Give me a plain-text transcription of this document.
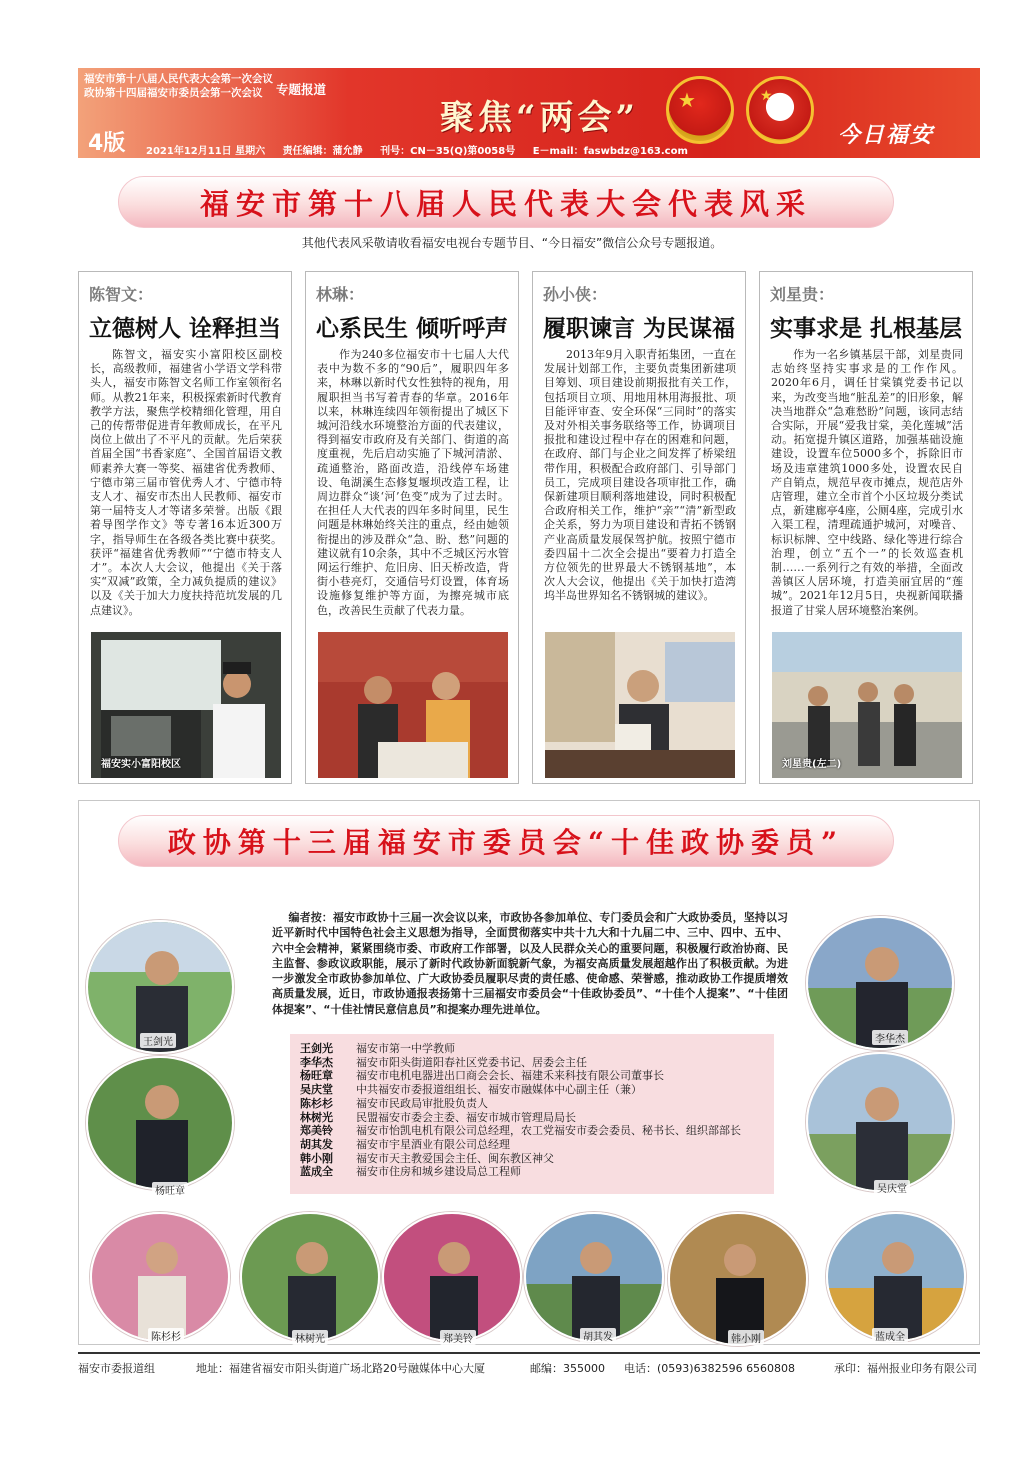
福安市第十八届人民代表大会第一次会议
政协第十四届福安市委员会第一次会议	专题报道
聚焦“两会” ★	★
4版 2021年12月11日 星期六 责任编辑：蒲允静 刊号：CN－35(Q)第0058号 E－mail：faswbdz@163.com
今日福安
福安市第十八届人民代表大会代表风采
其他代表风采敬请收看福安电视台专题节目、“今日福安”微信公众号专题报道。
陈智文：
立德树人 诠释担当

陈智文，福安实小富阳校区副校长，高级教师，福建省小学语文学科带头人，福安市陈智文名师工作室领衔名师。从教21年来，积极探索新时代教育教学方法，聚焦学校精细化管理，用自己的传帮带促进青年教师成长，在平凡岗位上做出了不平凡的贡献。先后荣获首届全国“书香家庭”、全国首届语文教师素养大赛一等奖、福建省优秀教师、宁德市第三届市管优秀人才、宁德市特支人才、福安市杰出人民教师、福安市第一届特支人才等诸多荣誉。出版《跟着导图学作文》等专著16本近300万字，指导师生在各级各类比赛中获奖。获评“福建省优秀教师”“宁德市特支人才”。本次人大会议，他提出《关于落实“双减”政策，全力减负提质的建议》以及《关于加大力度扶持范坑发展的几点建议》。

福安实小富阳校区
林琳：
心系民生 倾听呼声

作为240多位福安市十七届人大代表中为数不多的“90后”，履职四年多来，林琳以新时代女性独特的视角，用履职担当书写着青春的华章。2016年以来，林琳连续四年领衔提出了城区下城河沿线水环境整治方面的代表建议，得到福安市政府及有关部门、街道的高度重视，先后启动实施了下城河清淤、疏通整治，路面改造，沿线停车场建设、龟湖溪生态修复堰坝改造工程，让周边群众“谈‘河’色变”成为了过去时。在担任人大代表的四年多时间里，民生问题是林琳始终关注的重点，经由她领衔提出的涉及群众“急、盼、愁”问题的建议就有10余条，其中不乏城区污水管网运行维护、危旧房、旧天桥改造，背街小巷亮灯，交通信号灯设置，体育场设施修复维护等方面，为擦亮城市底色，改善民生贡献了代表力量。

孙小侠：
履职谏言 为民谋福

2013年9月入职青拓集团，一直在发展计划部工作，主要负责集团新建项目筹划、项目建设前期报批有关工作，包括项目立项、用地用林用海报批、项目能评审查、安全环保“三同时”的落实及对外相关事务联络等工作，协调项目报批和建设过程中存在的困难和问题，在政府、部门与企业之间发挥了桥梁纽带作用，积极配合政府部门、引导部门员工，完成项目建设各项审批工作，确保新建项目顺利落地建设，同时积极配合政府相关工作，维护“亲”“清”新型政企关系，努力为项目建设和青拓不锈钢产业高质量发展保驾护航。按照宁德市委四届十二次全会提出“要着力打造全方位领先的世界最大不锈钢基地”，本次人大会议，他提出《关于加快打造湾坞半岛世界知名不锈钢城的建议》。

刘星贵：
实事求是 扎根基层

作为一名乡镇基层干部，刘星贵同志始终坚持实事求是的工作作风。2020年6月，调任甘棠镇党委书记以来，为改变当地“脏乱差”的旧形象，解决当地群众“急难愁盼”问题，该同志结合实际，开展“爱我甘棠，美化莲城”活动。拓宽提升镇区道路，加强基础设施建设，设置车位5000多个，拆除旧市场及违章建筑1000多处，设置农民自产自销点，规范早夜市摊点，规范店外店管理，建立全市首个小区垃圾分类试点，新建廊亭4座，公厕4座，完成引水入渠工程，清理疏通护城河，对噪音、标识标牌、空中线路、绿化等进行综合治理，创立“五个一”的长效巡查机制……一系列行之有效的举措，全面改善镇区人居环境，打造美丽宜居的“莲城”。2021年12月5日，央视新闻联播报道了甘棠人居环境整治案例。

刘星贵(左二)
政协第十三届福安市委员会“十佳政协委员”
编者按：福安市政协十三届一次会议以来，市政协各参加单位、专门委员会和广大政协委员，坚持以习近平新时代中国特色社会主义思想为指导，全面贯彻落实中共十九大和十九届二中、三中、四中、五中、六中全会精神，紧紧围绕市委、市政府工作部署，以及人民群众关心的重要问题，积极履行政治协商、民主监督、参政议政职能，展示了新时代政协新面貌新气象，为福安高质量发展超越作出了积极贡献。为进一步激发全市政协参加单位、广大政协委员履职尽责的责任感、使命感、荣誉感，推动政协工作提质增效高质量发展，近日，市政协通报表扬第十三届福安市委员会“十佳政协委员”、“十佳个人提案”、“十佳团体提案”、“十佳社情民意信息员”和提案办理先进单位。
王剑光	福安市第一中学教师
李华杰	福安市阳头街道阳春社区党委书记、居委会主任
杨旺章	福安市电机电器进出口商会会长、福建禾来科技有限公司董事长
吴庆堂	中共福安市委报道组组长、福安市融媒体中心副主任（兼）
陈杉杉	福安市民政局审批股负责人
林树光	民盟福安市委会主委、福安市城市管理局局长
郑美铃	福安市怡凯电机有限公司总经理，农工党福安市委会委员、秘书长、组织部部长
胡其发	福安市宇星酒业有限公司总经理
韩小刚	福安市天主教爱国会主任、闽东教区神父
蓝成全	福安市住房和城乡建设局总工程师
王剑光	李华杰
杨旺章	吴庆堂
陈杉杉	林树光	郑美铃	胡其发	韩小刚	蓝成全
福安市委报道组	地址：福建省福安市阳头街道广场北路20号融媒体中心大厦	邮编：355000 电话：(0593)6382596 6560808	承印：福州报业印务有限公司
